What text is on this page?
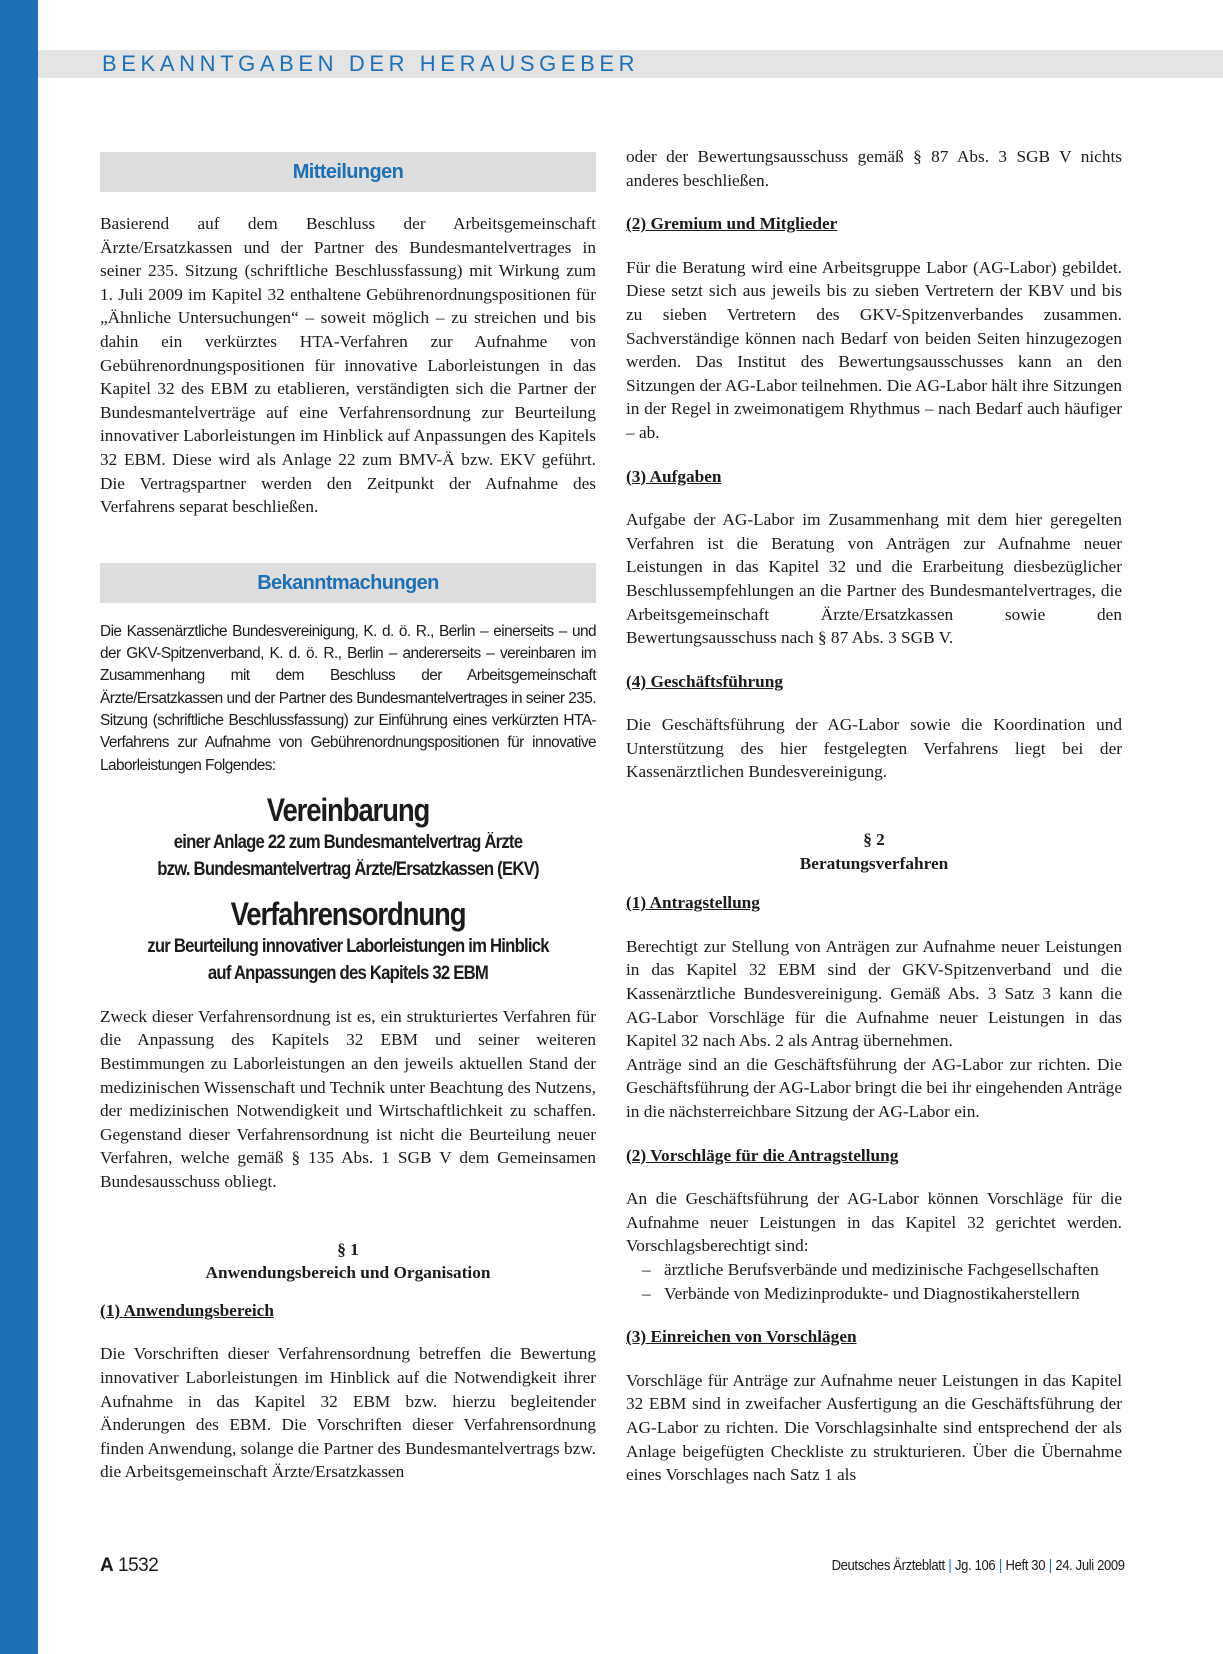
BEKANNTGABEN DER HERAUSGEBER
Mitteilungen

Basierend auf dem Beschluss der Arbeitsgemeinschaft Ärzte/Ersatzkassen und der Partner des Bundesmantelvertrages in seiner 235. Sitzung (schriftliche Beschlussfassung) mit Wirkung zum 1. Juli 2009 im Kapitel 32 enthaltene Gebührenordnungspositionen für „Ähnliche Untersuchungen“ – soweit möglich – zu streichen und bis dahin ein verkürztes HTA-Verfahren zur Aufnahme von Gebührenordnungspositionen für innovative Laborleistungen in das Kapitel 32 des EBM zu etablieren, verständigten sich die Partner der Bundesmantelverträge auf eine Verfahrensordnung zur Beurteilung innovativer Laborleistungen im Hinblick auf Anpassungen des Kapitels 32 EBM. Diese wird als Anlage 22 zum BMV-Ä bzw. EKV geführt. Die Vertragspartner werden den Zeitpunkt der Aufnahme des Verfahrens separat beschließen.

Bekanntmachungen

Die Kassenärztliche Bundesvereinigung, K. d. ö. R., Berlin – einerseits – und der GKV-Spitzenverband, K. d. ö. R., Berlin – andererseits – vereinbaren im Zusammenhang mit dem Beschluss der Arbeitsgemeinschaft Ärzte/Ersatzkassen und der Partner des Bundesmantelvertrages in seiner 235. Sitzung (schriftliche Beschlussfassung) zur Einführung eines verkürzten HTA-Verfahrens zur Aufnahme von Gebührenordnungspositionen für innovative Laborleistungen Folgendes:

Vereinbarung
einer Anlage 22 zum Bundesmantelvertrag Ärzte
bzw. Bundesmantelvertrag Ärzte/Ersatzkassen (EKV)
Verfahrensordnung
zur Beurteilung innovativer Laborleistungen im Hinblick
auf Anpassungen des Kapitels 32 EBM

Zweck dieser Verfahrensordnung ist es, ein strukturiertes Verfahren für die Anpassung des Kapitels 32 EBM und seiner weiteren Bestimmungen zu Laborleistungen an den jeweils aktuellen Stand der medizinischen Wissenschaft und Technik unter Beachtung des Nutzens, der medizinischen Notwendigkeit und Wirtschaftlichkeit zu schaffen. Gegenstand dieser Verfahrensordnung ist nicht die Beurteilung neuer Verfahren, welche gemäß § 135 Abs. 1 SGB V dem Gemeinsamen Bundesausschuss obliegt.

§ 1
Anwendungsbereich und Organisation
(1) Anwendungsbereich

Die Vorschriften dieser Verfahrensordnung betreffen die Bewertung innovativer Laborleistungen im Hinblick auf die Notwendigkeit ihrer Aufnahme in das Kapitel 32 EBM bzw. hierzu begleitender Änderungen des EBM. Die Vorschriften dieser Verfahrensordnung finden Anwendung, solange die Partner des Bundesmantelvertrags bzw. die Arbeitsgemeinschaft Ärzte/Ersatzkassen

oder der Bewertungsausschuss gemäß § 87 Abs. 3 SGB V nichts anderes beschließen.

(2) Gremium und Mitglieder

Für die Beratung wird eine Arbeitsgruppe Labor (AG-Labor) gebildet. Diese setzt sich aus jeweils bis zu sieben Vertretern der KBV und bis zu sieben Vertretern des GKV-Spitzenverbandes zusammen. Sachverständige können nach Bedarf von beiden Seiten hinzugezogen werden. Das Institut des Bewertungsausschusses kann an den Sitzungen der AG-Labor teilnehmen. Die AG-Labor hält ihre Sitzungen in der Regel in zweimonatigem Rhythmus – nach Bedarf auch häufiger – ab.

(3) Aufgaben

Aufgabe der AG-Labor im Zusammenhang mit dem hier geregelten Verfahren ist die Beratung von Anträgen zur Aufnahme neuer Leistungen in das Kapitel 32 und die Erarbeitung diesbezüglicher Beschlussempfehlungen an die Partner des Bundesmantelvertrages, die Arbeitsgemeinschaft Ärzte/Ersatzkassen sowie den Bewertungsausschuss nach § 87 Abs. 3 SGB V.

(4) Geschäftsführung

Die Geschäftsführung der AG-Labor sowie die Koordination und Unterstützung des hier festgelegten Verfahrens liegt bei der Kassenärztlichen Bundesvereinigung.

§ 2
Beratungsverfahren
(1) Antragstellung

Berechtigt zur Stellung von Anträgen zur Aufnahme neuer Leistungen in das Kapitel 32 EBM sind der GKV-Spitzenverband und die Kassenärztliche Bundesvereinigung. Gemäß Abs. 3 Satz 3 kann die AG-Labor Vorschläge für die Aufnahme neuer Leistungen in das Kapitel 32 nach Abs. 2 als Antrag übernehmen.

Anträge sind an die Geschäftsführung der AG-Labor zur richten. Die Geschäftsführung der AG-Labor bringt die bei ihr eingehenden Anträge in die nächsterreichbare Sitzung der AG-Labor ein.

(2) Vorschläge für die Antragstellung

An die Geschäftsführung der AG-Labor können Vorschläge für die Aufnahme neuer Leistungen in das Kapitel 32 gerichtet werden. Vorschlagsberechtigt sind:

– ärztliche Berufsverbände und medizinische Fachgesellschaften
– Verbände von Medizinprodukte- und Diagnostikaherstellern
(3) Einreichen von Vorschlägen

Vorschläge für Anträge zur Aufnahme neuer Leistungen in das Kapitel 32 EBM sind in zweifacher Ausfertigung an die Geschäftsführung der AG-Labor zu richten. Die Vorschlagsinhalte sind entsprechend der als Anlage beigefügten Checkliste zu strukturieren. Über die Übernahme eines Vorschlages nach Satz 1 als

A 1532	Deutsches Ärzteblatt | Jg. 106 | Heft 30 | 24. Juli 2009
